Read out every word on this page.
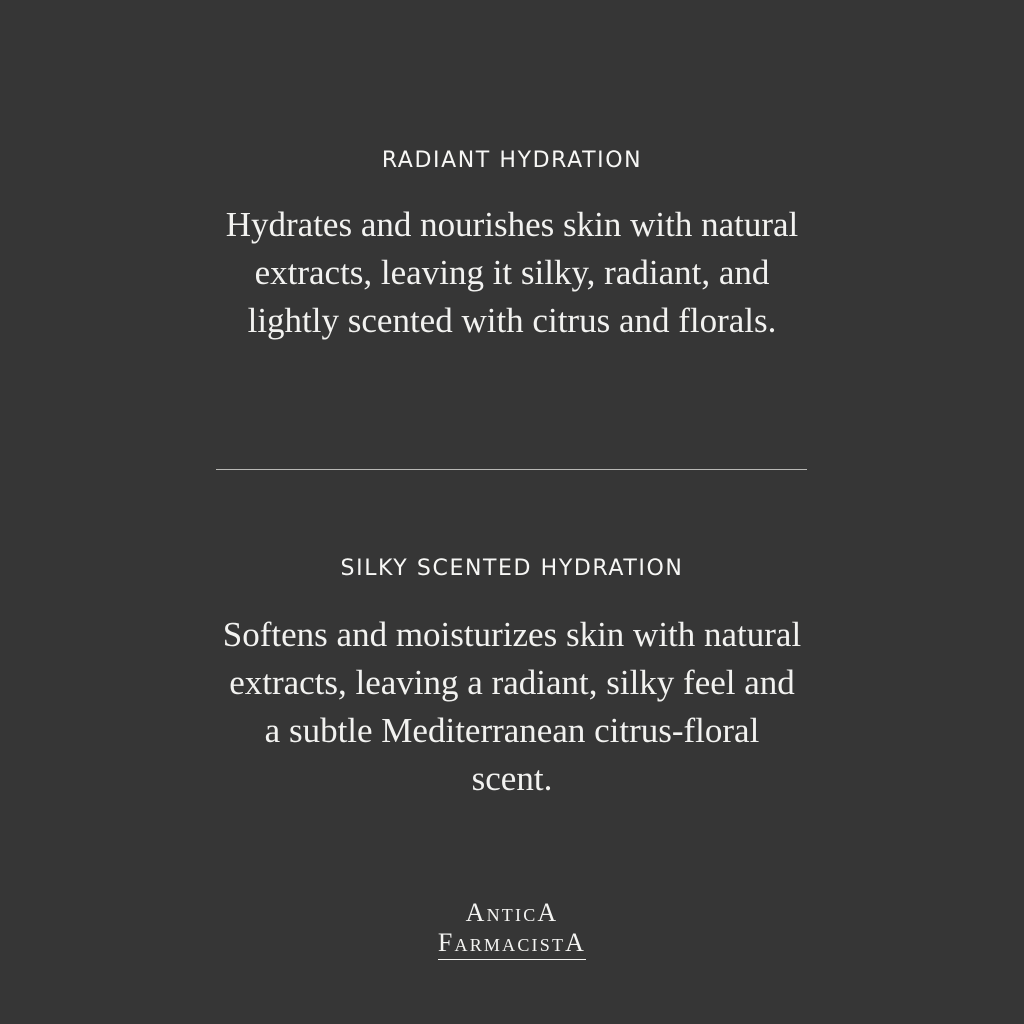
RADIANT HYDRATION

Hydrates and nourishes skin with natural extracts, leaving it silky, radiant, and lightly scented with citrus and florals.

SILKY SCENTED HYDRATION

Softens and moisturizes skin with natural extracts, leaving a radiant, silky feel and a subtle Mediterranean citrus-floral scent.

AnticA
FarmacistA
